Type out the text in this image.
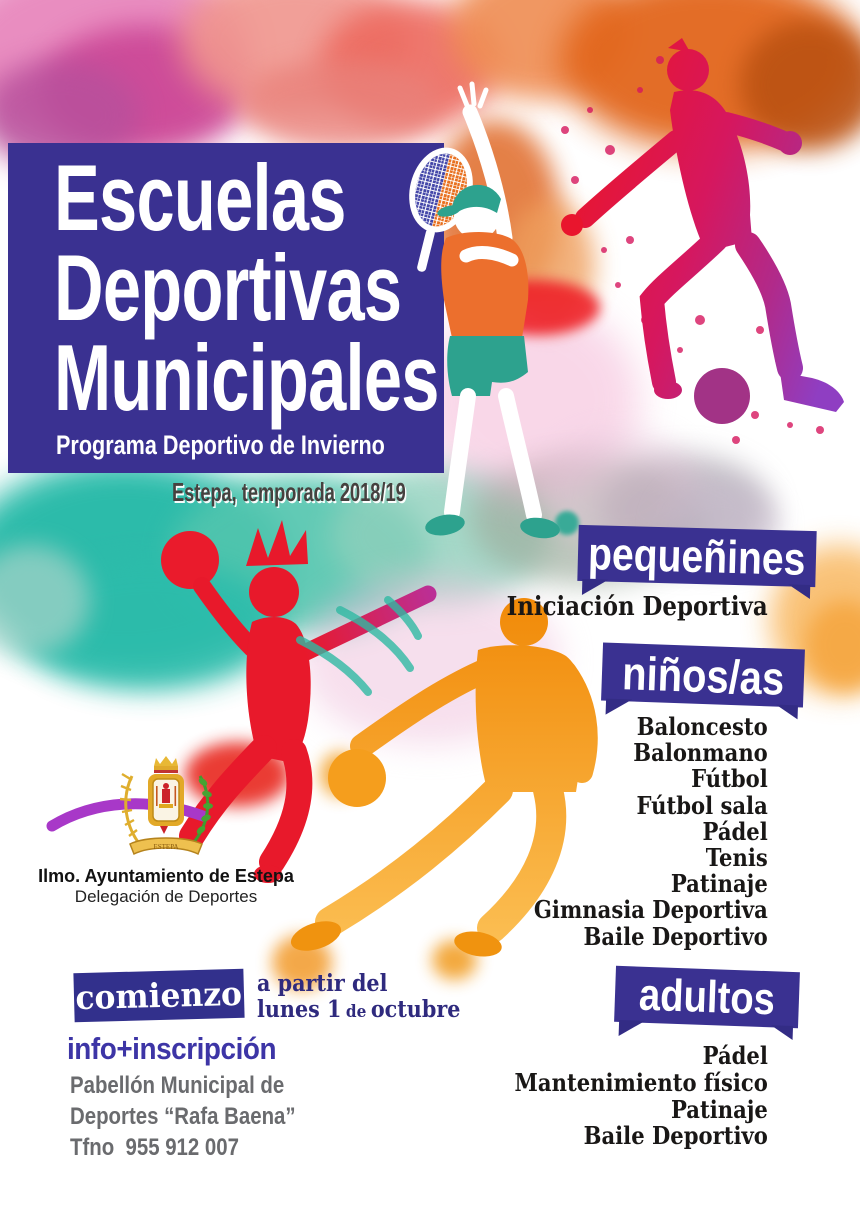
Escuelas
Deportivas
Municipales
Programa Deportivo de Invierno
Estepa, temporada 2018/19
pequeñines
Iniciación Deportiva
niños/as
Baloncesto
Balonmano
Fútbol
Fútbol sala
Pádel
Tenis
Patinaje
Gimnasia Deportiva
Baile Deportivo
adultos
Pádel
Mantenimiento físico
Patinaje
Baile Deportivo
ESTEPA
Ilmo. Ayuntamiento de Estepa
Delegación de Deportes
comienzo a partir del
lunes 1 de octubre
info+inscripción
Pabellón Municipal de
Deportes “Rafa Baena”
Tfno  955 912 007
